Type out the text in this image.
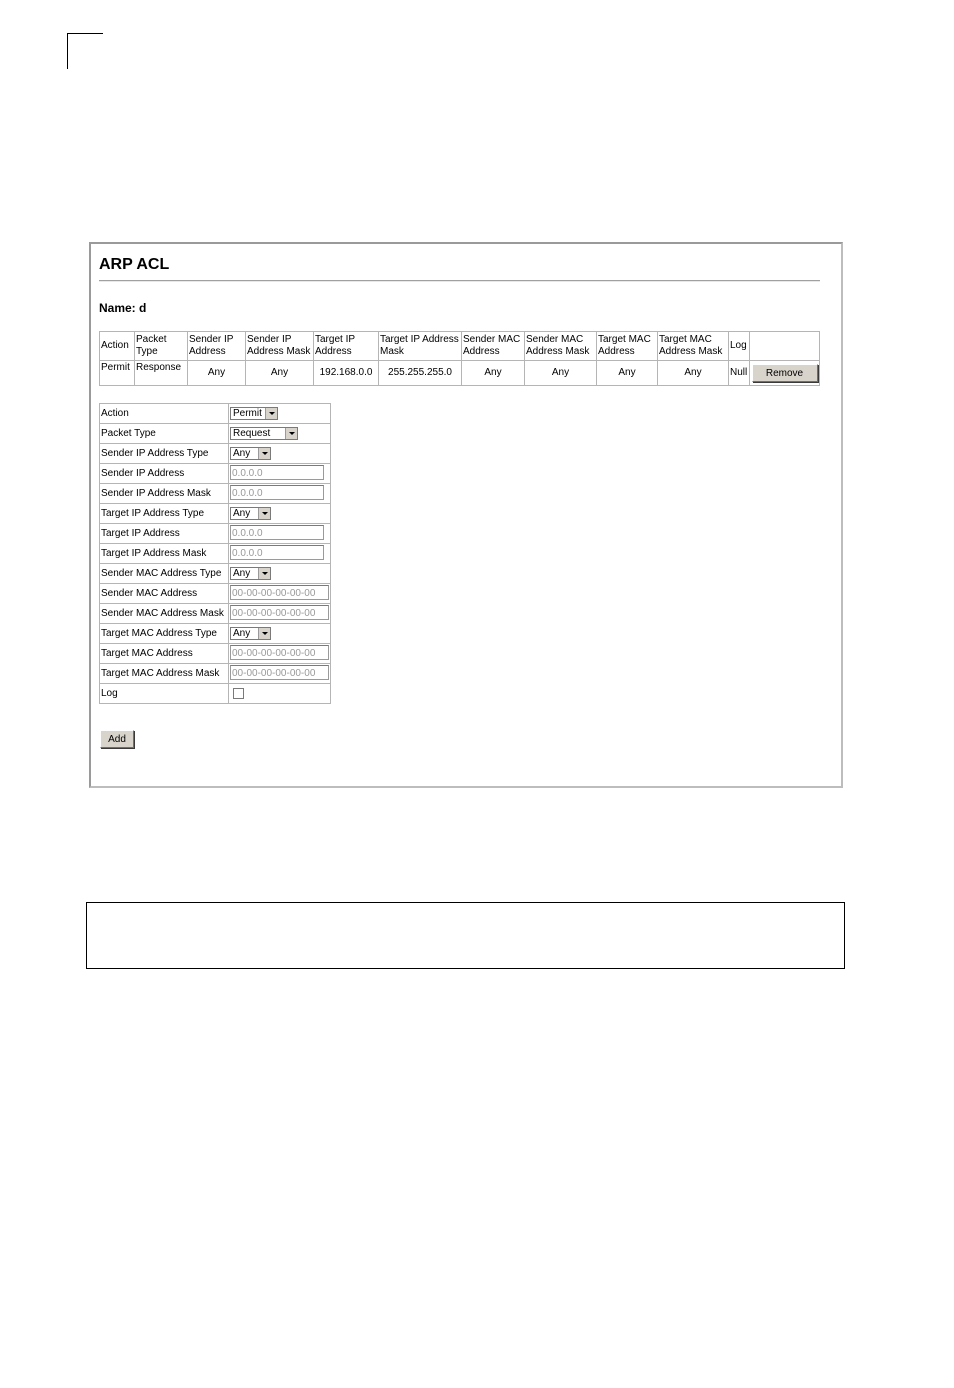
ARP ACL
Name: d
Action	Packet Type	Sender IP Address	Sender IP Address Mask	Target IP Address	Target IP Address Mask	Sender MAC Address	Sender MAC Address Mask	Target MAC Address	Target MAC Address Mask	Log	
Permit	Response	Any	Any	192.168.0.0	255.255.255.0	Any	Any	Any	Any	Null	Remove
Action	Permit

Packet Type	Request

Sender IP Address Type	Any

Sender IP Address	0.0.0.0
Sender IP Address Mask	0.0.0.0
Target IP Address Type	Any

Target IP Address	0.0.0.0
Target IP Address Mask	0.0.0.0
Sender MAC Address Type	Any

Sender MAC Address	00-00-00-00-00-00
Sender MAC Address Mask	00-00-00-00-00-00
Target MAC Address Type	Any

Target MAC Address	00-00-00-00-00-00
Target MAC Address Mask	00-00-00-00-00-00
Log	
Add
